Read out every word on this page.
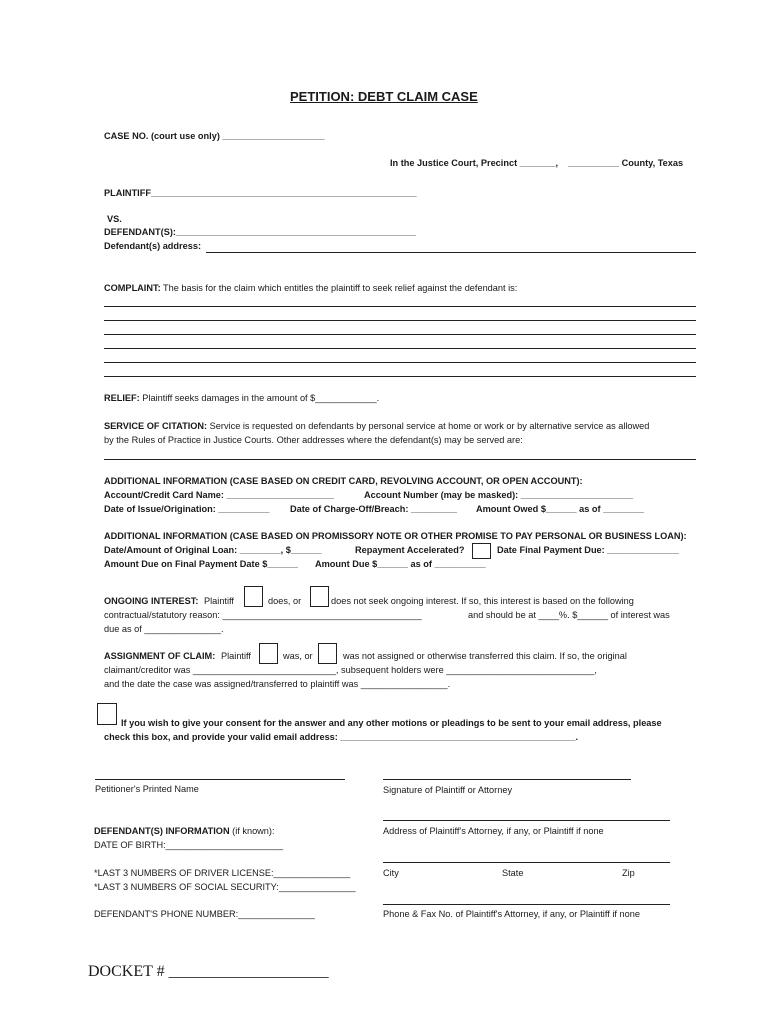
PETITION: DEBT CLAIM CASE
CASE NO. (court use only) ____________________
In the Justice Court, Precinct _______, __________ County, Texas
PLAINTIFF____________________________________________________
VS.
DEFENDANT(S):_______________________________________________
Defendant(s) address:
COMPLAINT: The basis for the claim which entitles the plaintiff to seek relief against the defendant is:
RELIEF: Plaintiff seeks damages in the amount of $____________.
SERVICE OF CITATION: Service is requested on defendants by personal service at home or work or by alternative service as allowed
by the Rules of Practice in Justice Courts. Other addresses where the defendant(s) may be served are:
ADDITIONAL INFORMATION (CASE BASED ON CREDIT CARD, REVOLVING ACCOUNT, OR OPEN ACCOUNT):
Account/Credit Card Name: _____________________	Account Number (may be masked): ______________________
Date of Issue/Origination: __________ Date of Charge-Off/Breach: _________ Amount Owed $______ as of ________
ADDITIONAL INFORMATION (CASE BASED ON PROMISSORY NOTE OR OTHER PROMISE TO PAY PERSONAL OR BUSINESS LOAN):
Date/Amount of Original Loan: ________, $______	Repayment Accelerated?	Date Final Payment Due: ______________
Amount Due on Final Payment Date $______ Amount Due $______ as of __________
ONGOING INTEREST: Plaintiff	does, or	does not seek ongoing interest. If so, this interest is based on the following
contractual/statutory reason: _______________________________________	and should be at ____%. $______ of interest was
due as of _______________.
ASSIGNMENT OF CLAIM: Plaintiff	was, or	was not assigned or otherwise transferred this claim. If so, the original
claimant/creditor was ____________________________, subsequent holders were _____________________________,
and the date the case was assigned/transferred to plaintiff was _________________.
If you wish to give your consent for the answer and any other motions or pleadings to be sent to your email address, please
check this box, and provide your valid email address: ______________________________________________.
Petitioner's Printed Name	Signature of Plaintiff or Attorney
DEFENDANT(S) INFORMATION (if known):	Address of Plaintiff's Attorney, if any, or Plaintiff if none
DATE OF BIRTH:_______________________
*LAST 3 NUMBERS OF DRIVER LICENSE:_______________	City	State	Zip
*LAST 3 NUMBERS OF SOCIAL SECURITY:_______________
DEFENDANT'S PHONE NUMBER:_______________	Phone & Fax No. of Plaintiff's Attorney, if any, or Plaintiff if none
DOCKET # ____________________
